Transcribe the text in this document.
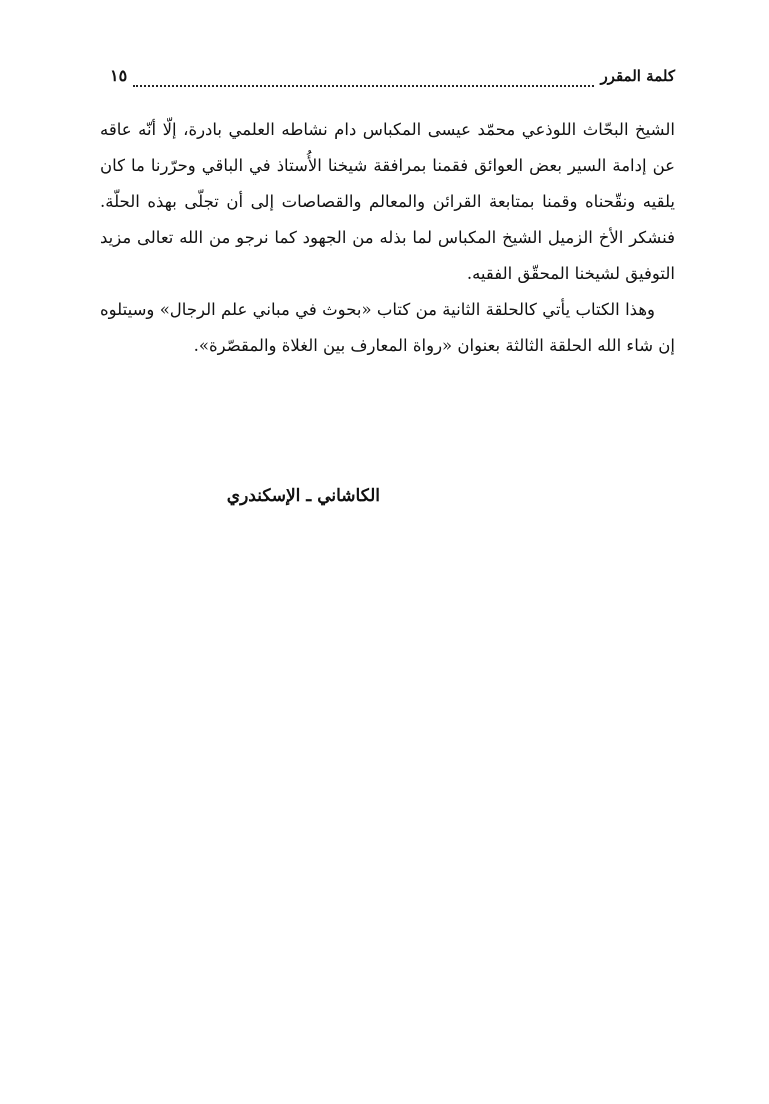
كلمة المقرر
١٥

الشيخ البحّاث اللوذعي محمّد عيسى المكباس دام نشاطه العلمي بادرة، إلّا أنّه عاقه عن إدامة السير بعض العوائق فقمنا بمرافقة شيخنا الأُستاذ في الباقي وحرّرنا ما كان يلقيه ونقّحناه وقمنا بمتابعة القرائن والمعالم والقصاصات إلى أن تجلّى بهذه الحلّة. فنشكر الأخ الزميل الشيخ المكباس لما بذله من الجهود كما نرجو من الله تعالى مزيد التوفيق لشيخنا المحقّق الفقيه.

وهذا الكتاب يأتي كالحلقة الثانية من كتاب «بحوث في مباني علم الرجال» وسيتلوه إن شاء الله الحلقة الثالثة بعنوان «رواة المعارف بين الغلاة والمقصّرة».

الكاشاني ـ الإسكندري
